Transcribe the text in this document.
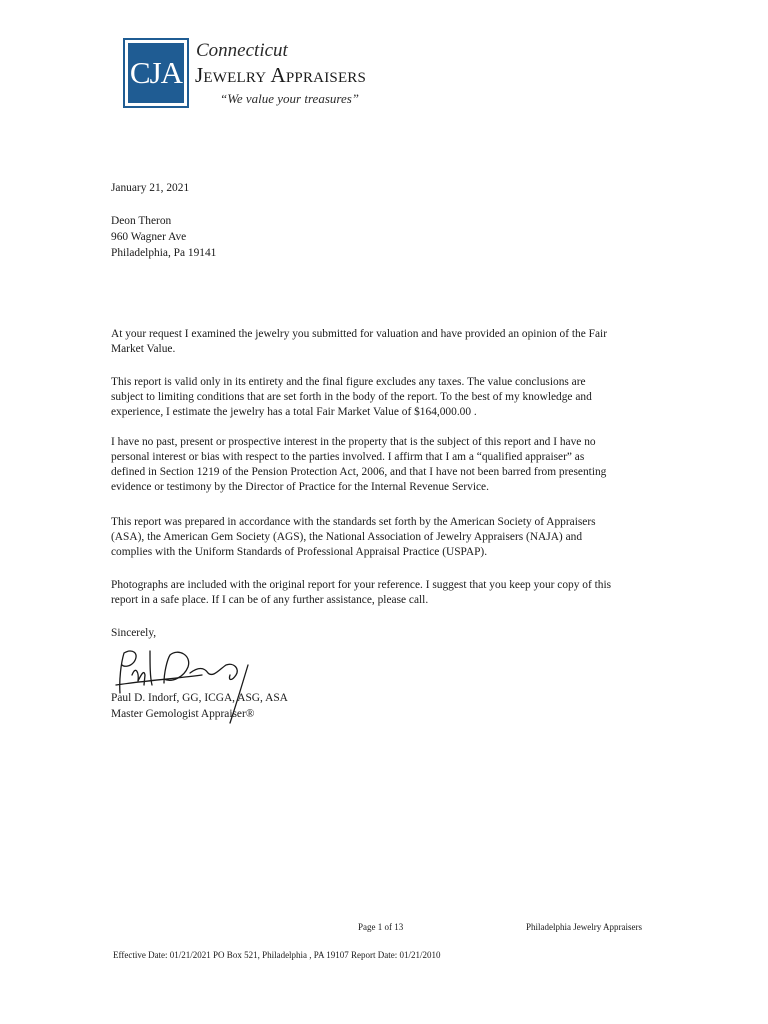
CJA
Connecticut
Jewelry Appraisers
“We value your treasures”
January 21, 2021
Deon Theron
960 Wagner Ave
Philadelphia, Pa 19141
At your request I examined the jewelry you submitted for valuation and have provided an opinion of the Fair
Market Value.
This report is valid only in its entirety and the final figure excludes any taxes. The value conclusions are
subject to limiting conditions that are set forth in the body of the report. To the best of my knowledge and
experience, I estimate the jewelry has a total Fair Market Value of $164,000.00 .
I have no past, present or prospective interest in the property that is the subject of this report and I have no
personal interest or bias with respect to the parties involved. I affirm that I am a “qualified appraiser” as
defined in Section 1219 of the Pension Protection Act, 2006, and that I have not been barred from presenting
evidence or testimony by the Director of Practice for the Internal Revenue Service.
This report was prepared in accordance with the standards set forth by the American Society of Appraisers
(ASA), the American Gem Society (AGS), the National Association of Jewelry Appraisers (NAJA) and
complies with the Uniform Standards of Professional Appraisal Practice (USPAP).
Photographs are included with the original report for your reference. I suggest that you keep your copy of this
report in a safe place. If I can be of any further assistance, please call.
Sincerely,
Paul D. Indorf, GG, ICGA, ASG, ASA
Master Gemologist Appraiser®
Page 1 of 13	Philadelphia Jewelry Appraisers
Effective Date: 01/21/2021 PO Box 521, Philadelphia , PA 19107 Report Date: 01/21/2010
